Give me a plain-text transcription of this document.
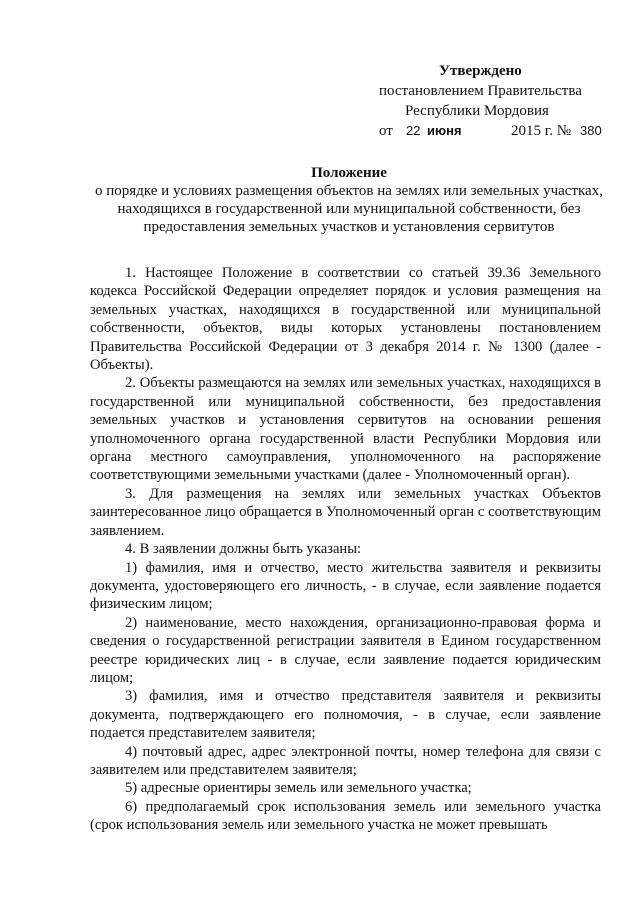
Утверждено
постановлением Правительства
Республики Мордовия
от 22 июня	2015 г. № 380
Положение
о порядке и условиях размещения объектов на землях или земельных участках, находящихся в государственной или муниципальной собственности, без предоставления земельных участков и установления сервитутов

1. Настоящее Положение в соответствии со статьей 39.36 Земельного кодекса Российской Федерации определяет порядок и условия размещения на земельных участках, находящихся в государственной или муниципальной собственности, объектов, виды которых установлены постановлением Правительства Российской Федерации от 3 декабря 2014 г. № 1300 (далее - Объекты).

2. Объекты размещаются на землях или земельных участках, находящихся в государственной или муниципальной собственности, без предоставления земельных участков и установления сервитутов на основании решения уполномоченного органа государственной власти Республики Мордовия или органа местного самоуправления, уполномоченного на распоряжение соответствующими земельными участками (далее - Уполномоченный орган).

3. Для размещения на землях или земельных участках Объектов заинтересованное лицо обращается в Уполномоченный орган с соответствующим заявлением.

4. В заявлении должны быть указаны:

1) фамилия, имя и отчество, место жительства заявителя и реквизиты документа, удостоверяющего его личность, - в случае, если заявление подается физическим лицом;

2) наименование, место нахождения, организационно-правовая форма и сведения о государственной регистрации заявителя в Едином государственном реестре юридических лиц - в случае, если заявление подается юридическим лицом;

3) фамилия, имя и отчество представителя заявителя и реквизиты документа, подтверждающего его полномочия, - в случае, если заявление подается представителем заявителя;

4) почтовый адрес, адрес электронной почты, номер телефона для связи с заявителем или представителем заявителя;

5) адресные ориентиры земель или земельного участка;

6) предполагаемый срок использования земель или земельного участка (срок использования земель или земельного участка не может превышать
